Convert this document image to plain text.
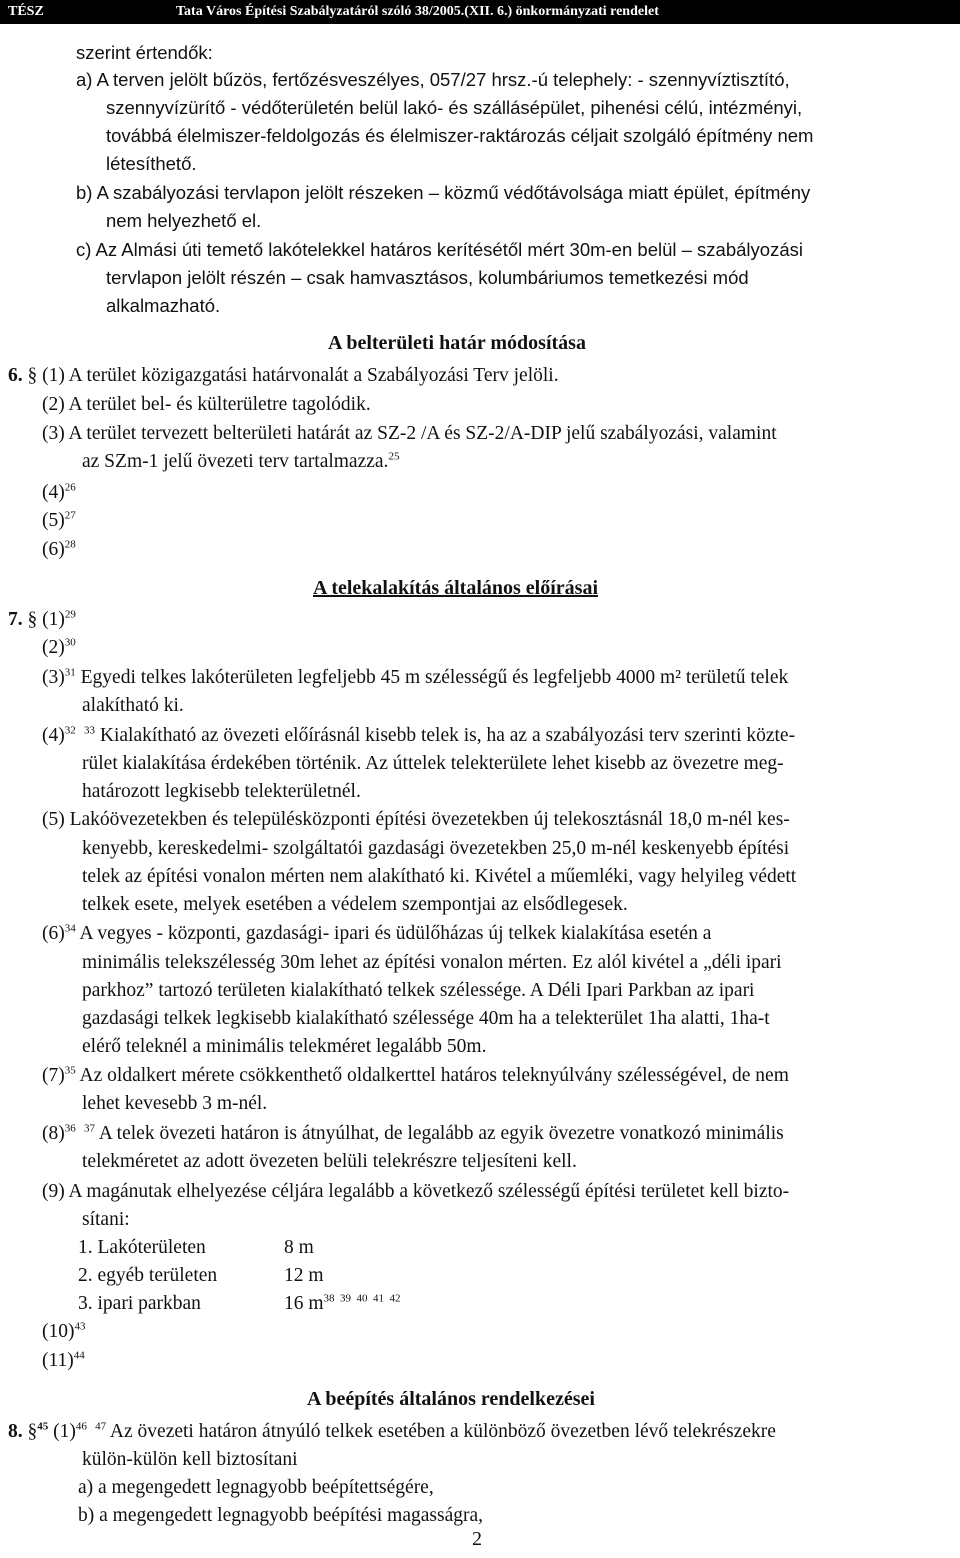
TÉSZ	Tata Város Építési Szabályzatáról szóló 38/2005.(XII. 6.) önkormányzati rendelet
szerint értendők:
a) A terven jelölt bűzös, fertőzésveszélyes, 057/27 hrsz.-ú telephely: - szennyvíztisztító,
szennyvízürítő - védőterületén belül lakó- és szállásépület, pihenési célú, intézményi,
továbbá élelmiszer-feldolgozás és élelmiszer-raktározás céljait szolgáló építmény nem
létesíthető.
b) A szabályozási tervlapon jelölt részeken – közmű védőtávolsága miatt épület, építmény
nem helyezhető el.
c) Az Almási úti temető lakótelekkel határos kerítésétől mért 30m-en belül – szabályozási
tervlapon jelölt részén – csak hamvasztásos, kolumbáriumos temetkezési mód
alkalmazható.
A belterületi határ módosítása
6. § (1) A terület közigazgatási határvonalát a Szabályozási Terv jelöli.
(2) A terület bel- és külterületre tagolódik.
(3) A terület tervezett belterületi határát az SZ-2 /A és SZ-2/A-DIP jelű szabályozási, valamint
az SZm-1 jelű övezeti terv tartalmazza.$^{25}$
$(4)^{26}$
$(5)^{27}$
$(6)^{28}$
A telekalakítás általános előírásai
7. § $(1)^{29}$
$(2)^{30}$
$(3)^{31}$ Egyedi telkes lakóterületen legfeljebb 45 m szélességű és legfeljebb 4000 m² területű telek
alakítható ki.
$(4)^{32 33}$ Kialakítható az övezeti előírásnál kisebb telek is, ha az a szabályozási terv szerinti közte-
rület kialakítása érdekében történik. Az úttelek telekterülete lehet kisebb az övezetre meg-
határozott legkisebb telekterületnél.
(5) Lakóövezetekben és településközponti építési övezetekben új telekosztásnál 18,0 m-nél kes-
kenyebb, kereskedelmi- szolgáltatói gazdasági övezetekben 25,0 m-nél keskenyebb építési
telek az építési vonalon mérten nem alakítható ki. Kivétel a műemléki, vagy helyileg védett
telkek esete, melyek esetében a védelem szempontjai az elsődlegesek.
$(6)^{34}$ A vegyes - központi, gazdasági- ipari és üdülőházas új telkek kialakítása esetén a
minimális telekszélesség 30m lehet az építési vonalon mérten. Ez alól kivétel a „déli ipari
parkhoz” tartozó területen kialakítható telkek szélessége. A Déli Ipari Parkban az ipari
gazdasági telkek legkisebb kialakítható szélessége 40m ha a telekterület 1ha alatti, 1ha-t
elérő teleknél a minimális telekméret legalább 50m.
$(7)^{35}$ Az oldalkert mérete csökkenthető oldalkerttel határos teleknyúlvány szélességével, de nem
lehet kevesebb 3 m-nél.
$(8)^{36 37}$ A telek övezeti határon is átnyúlhat, de legalább az egyik övezetre vonatkozó minimális
telekméretet az adott övezeten belüli telekrészre teljesíteni kell.
(9) A magánutak elhelyezése céljára legalább a következő szélességű építési területet kell bizto-
sítani:
1. Lakóterületen	8 m
2. egyéb területen	12 m
3. ipari parkban	16 $m^{38 39 40 41 42}$
$(10)^{43}$
$(11)^{44}$
A beépítés általános rendelkezései
8. §$^{45}$ $(1)^{46 47}$ Az övezeti határon átnyúló telkek esetében a különböző övezetben lévő telekrészekre
külön-külön kell biztosítani
a) a megengedett legnagyobb beépítettségére,
b) a megengedett legnagyobb beépítési magasságra,
2
